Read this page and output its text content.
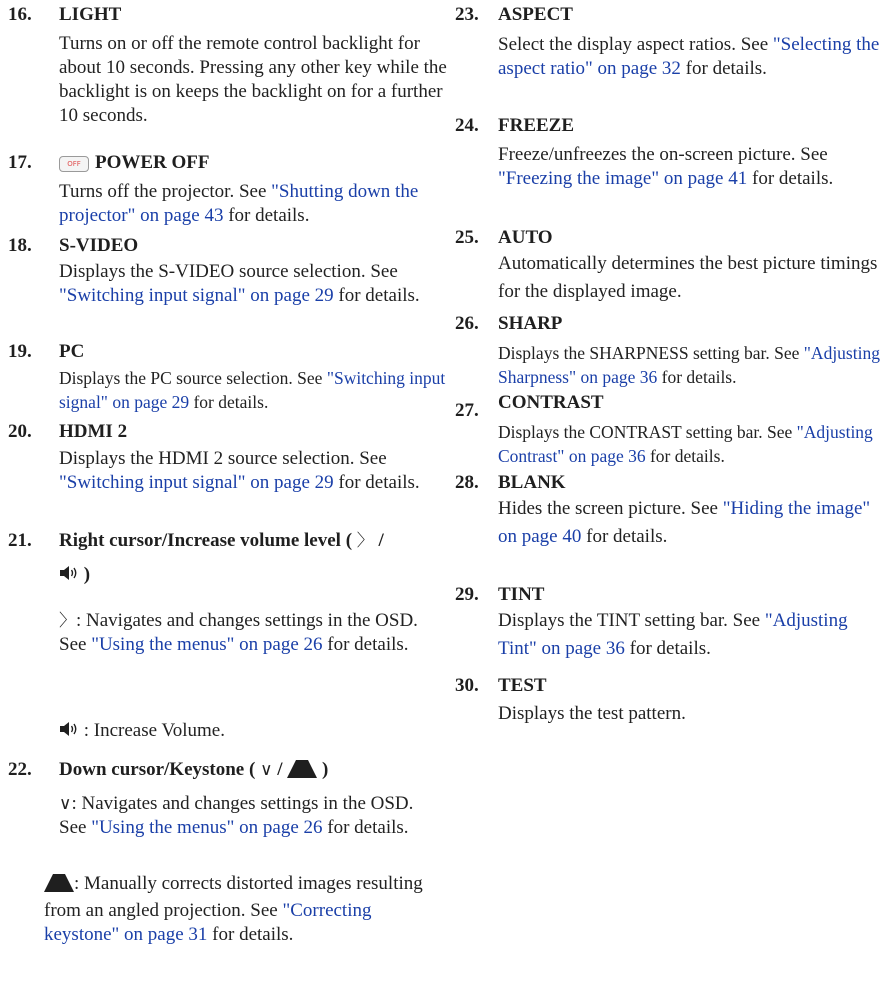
16. LIGHT
Turns on or off the remote control backlight for about 10 seconds. Pressing any other key while the backlight is on keeps the backlight on for a further 10 seconds.
17.	OFF POWER OFF
Turns off the projector. See "Shutting down the projector" on page 43 for details.
18. S-VIDEO
Displays the S-VIDEO source selection. See "Switching input signal" on page 29 for details.
19. PC
Displays the PC source selection. See "Switching input signal" on page 29 for details.
20. HDMI 2
Displays the HDMI 2 source selection. See "Switching input signal" on page 29 for details.
21. Right cursor/Increase volume level ( 〉 /
)
〉: Navigates and changes settings in the OSD. See "Using the menus" on page 26 for details.
: Increase Volume.
22. Down cursor/Keystone ( ∨ / )
∨: Navigates and changes settings in the OSD. See "Using the menus" on page 26 for details.
: Manually corrects distorted images resulting from an angled projection. See "Correcting keystone" on page 31 for details.
23. ASPECT
Select the display aspect ratios. See "Selecting the aspect ratio" on page 32 for details.
24. FREEZE
Freeze/unfreezes the on-screen picture. See "Freezing the image" on page 41 for details.
25. AUTO
Automatically determines the best picture timings for the displayed image.
26. SHARP
Displays the SHARPNESS setting bar. See "Adjusting Sharpness" on page 36 for details.
27. CONTRAST
Displays the CONTRAST setting bar. See "Adjusting Contrast" on page 36 for details.
28. BLANK
Hides the screen picture. See "Hiding the image" on page 40 for details.
29. TINT
Displays the TINT setting bar. See "Adjusting Tint" on page 36 for details.
30. TEST
Displays the test pattern.
